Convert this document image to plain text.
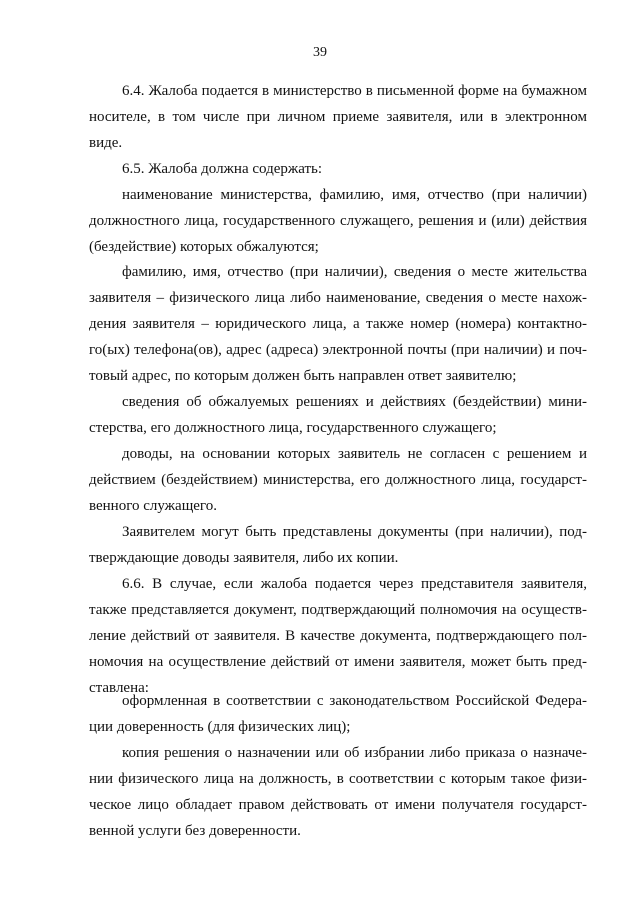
39

6.4. Жалоба подается в министерство в письменной форме на бумажном носителе, в том числе при личном приеме заявителя, или в электронном виде.

6.5. Жалоба должна содержать:

наименование министерства, фамилию, имя, отчество (при наличии) должностного лица, государственного служащего, решения и (или) действия (бездействие) которых обжалуются;

фамилию, имя, отчество (при наличии), сведения о месте жительства заявителя – физического лица либо наименование, сведения о месте нахождения заявителя – юридического лица, а также номер (номера) контактного(ых) телефона(ов), адрес (адреса) электронной почты (при наличии) и почтовый адрес, по которым должен быть направлен ответ заявителю;

сведения об обжалуемых решениях и действиях (бездействии) министерства, его должностного лица, государственного служащего;

доводы, на основании которых заявитель не согласен с решением и действием (бездействием) министерства, его должностного лица, государственного служащего.

Заявителем могут быть представлены документы (при наличии), подтверждающие доводы заявителя, либо их копии.

6.6. В случае, если жалоба подается через представителя заявителя, также представляется документ, подтверждающий полномочия на осуществление действий от заявителя. В качестве документа, подтверждающего полномочия на осуществление действий от имени заявителя, может быть представлена:

оформленная в соответствии с законодательством Российской Федерации доверенность (для физических лиц);

копия решения о назначении или об избрании либо приказа о назначении физического лица на должность, в соответствии с которым такое физическое лицо обладает правом действовать от имени получателя государственной услуги без доверенности.
